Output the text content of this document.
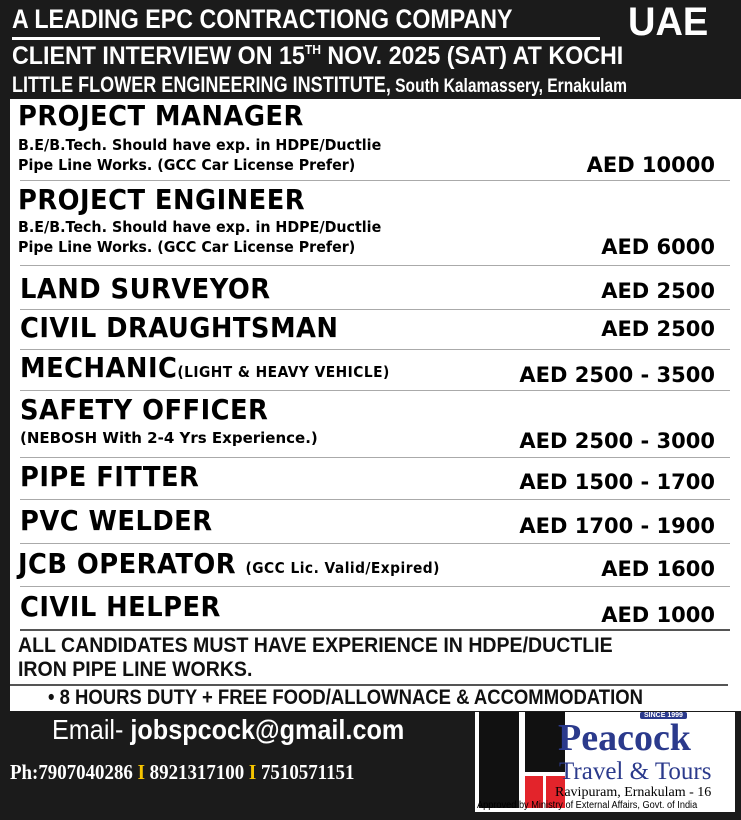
A LEADING EPC CONTRACTIONG COMPANY	UAE
CLIENT INTERVIEW ON 15TH NOV. 2025 (SAT) AT KOCHI
LITTLE FLOWER ENGINEERING INSTITUTE, South Kalamassery, Ernakulam
PROJECT MANAGER
B.E/B.Tech. Should have exp. in HDPE/Ductlie
Pipe Line Works. (GCC Car License Prefer)	AED 10000
PROJECT ENGINEER
B.E/B.Tech. Should have exp. in HDPE/Ductlie
Pipe Line Works. (GCC Car License Prefer)	AED 6000
LAND SURVEYOR	AED 2500
CIVIL DRAUGHTSMAN	AED 2500
MECHANIC(LIGHT & HEAVY VEHICLE)	AED 2500 - 3500
SAFETY OFFICER
(NEBOSH With 2-4 Yrs Experience.)	AED 2500 - 3000
PIPE FITTER	AED 1500 - 1700
PVC WELDER	AED 1700 - 1900
JCB OPERATOR (GCC Lic. Valid/Expired)	AED 1600
CIVIL HELPER	AED 1000
ALL CANDIDATES MUST HAVE EXPERIENCE IN HDPE/DUCTLIE
IRON PIPE LINE WORKS.
• 8 HOURS DUTY + FREE FOOD/ALLOWNACE & ACCOMMODATION
Email- jobspcock@gmail.com
Ph:7907040286 I 8921317100 I 7510571151
SINCE 1999
Peacock
Travel & Tours
Ravipuram, Ernakulam - 16
Approved by Ministry of External Affairs, Govt. of India
